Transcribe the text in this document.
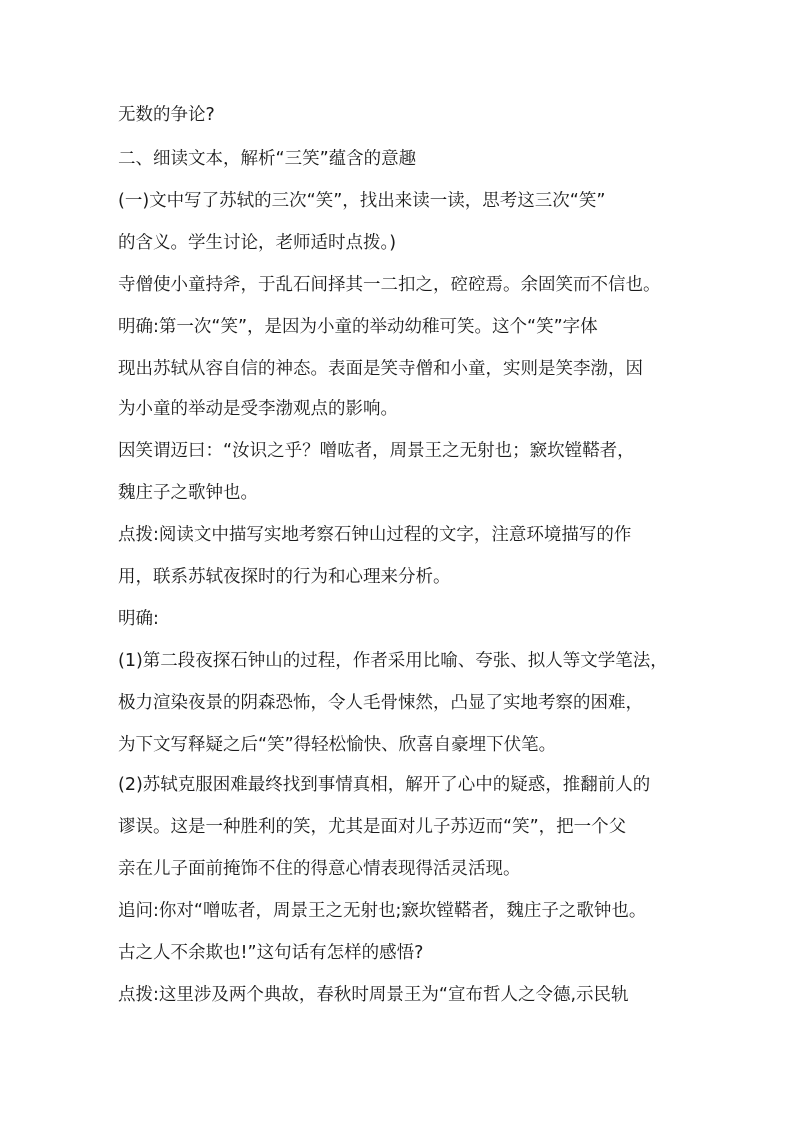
无数的争论?
二、细读文本，解析“三笑”蕴含的意趣
(一)文中写了苏轼的三次“笑”，找出来读一读，思考这三次“笑”
的含义。学生讨论，老师适时点拨。)
寺僧使小童持斧，于乱石间择其一二扣之，硿硿焉。余固笑而不信也。
明确:第一次“笑”，是因为小童的举动幼稚可笑。这个“笑”字体
现出苏轼从容自信的神态。表面是笑寺僧和小童，实则是笑李渤，因
为小童的举动是受李渤观点的影响。
因笑谓迈曰：“汝识之乎？噌吰者，周景王之无射也；窾坎镗鞳者，
魏庄子之歌钟也。
点拨:阅读文中描写实地考察石钟山过程的文字，注意环境描写的作
用，联系苏轼夜探时的行为和心理来分析。
明确:
(1)第二段夜探石钟山的过程，作者采用比喻、夸张、拟人等文学笔法，
极力渲染夜景的阴森恐怖，令人毛骨悚然，凸显了实地考察的困难，
为下文写释疑之后“笑”得轻松愉快、欣喜自豪埋下伏笔。
(2)苏轼克服困难最终找到事情真相，解开了心中的疑惑，推翻前人的
谬误。这是一种胜利的笑，尤其是面对儿子苏迈而“笑”，把一个父
亲在儿子面前掩饰不住的得意心情表现得活灵活现。
追问:你对“噌吰者，周景王之无射也;窾坎镗鞳者，魏庄子之歌钟也。
古之人不余欺也!”这句话有怎样的感悟?
点拨:这里涉及两个典故，春秋时周景王为“宣布哲人之令德,示民轨
